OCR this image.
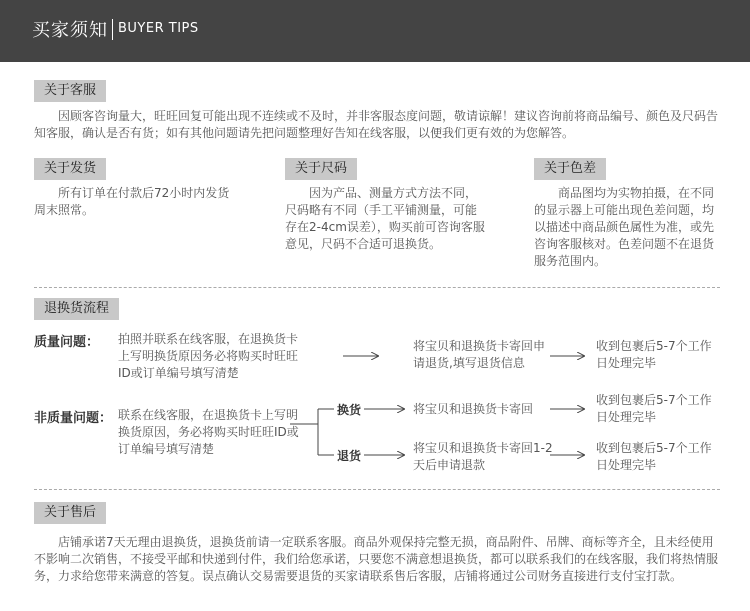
买家须知 BUYER TIPS
关于客服

因顾客咨询量大，旺旺回复可能出现不连续或不及时，并非客服态度问题，敬请谅解！建议咨询前将商品编号、颜色及尺码告知客服，确认是否有货；如有其他问题请先把问题整理好告知在线客服，以便我们更有效的为您解答。

关于发货

所有订单在付款后72小时内发货周末照常。

关于尺码

因为产品、测量方式方法不同，尺码略有不同（手工平铺测量，可能存在2-4cm误差），购买前可咨询客服意见，尺码不合适可退换货。

关于色差

商品图均为实物拍摄，在不同的显示器上可能出现色差问题，均以描述中商品颜色属性为准，或先咨询客服核对。色差问题不在退货服务范围内。

退换货流程
质量问题： 拍照并联系在线客服，在退换货卡上写明换货原因务必将购买时旺旺ID或订单编号填写清楚

将宝贝和退换货卡寄回申请退货,填写退货信息

收到包裹后5-7个工作日处理完毕

非质量问题： 联系在线客服，在退换货卡上写明换货原因，务必将购买时旺旺ID或订单编号填写清楚

将宝贝和退换货卡寄回

收到包裹后5-7个工作日处理完毕

将宝贝和退换货卡寄回1-2天后申请退款

收到包裹后5-7个工作日处理完毕

换货
退货
关于售后

店铺承诺7天无理由退换货，退换货前请一定联系客服。商品外观保持完整无损，商品附件、吊牌、商标等齐全，且未经使用不影响二次销售，不接受平邮和快递到付件，我们给您承诺，只要您不满意想退换货，都可以联系我们的在线客服，我们将热情服务，力求给您带来满意的答复。误点确认交易需要退货的买家请联系售后客服，店铺将通过公司财务直接进行支付宝打款。
